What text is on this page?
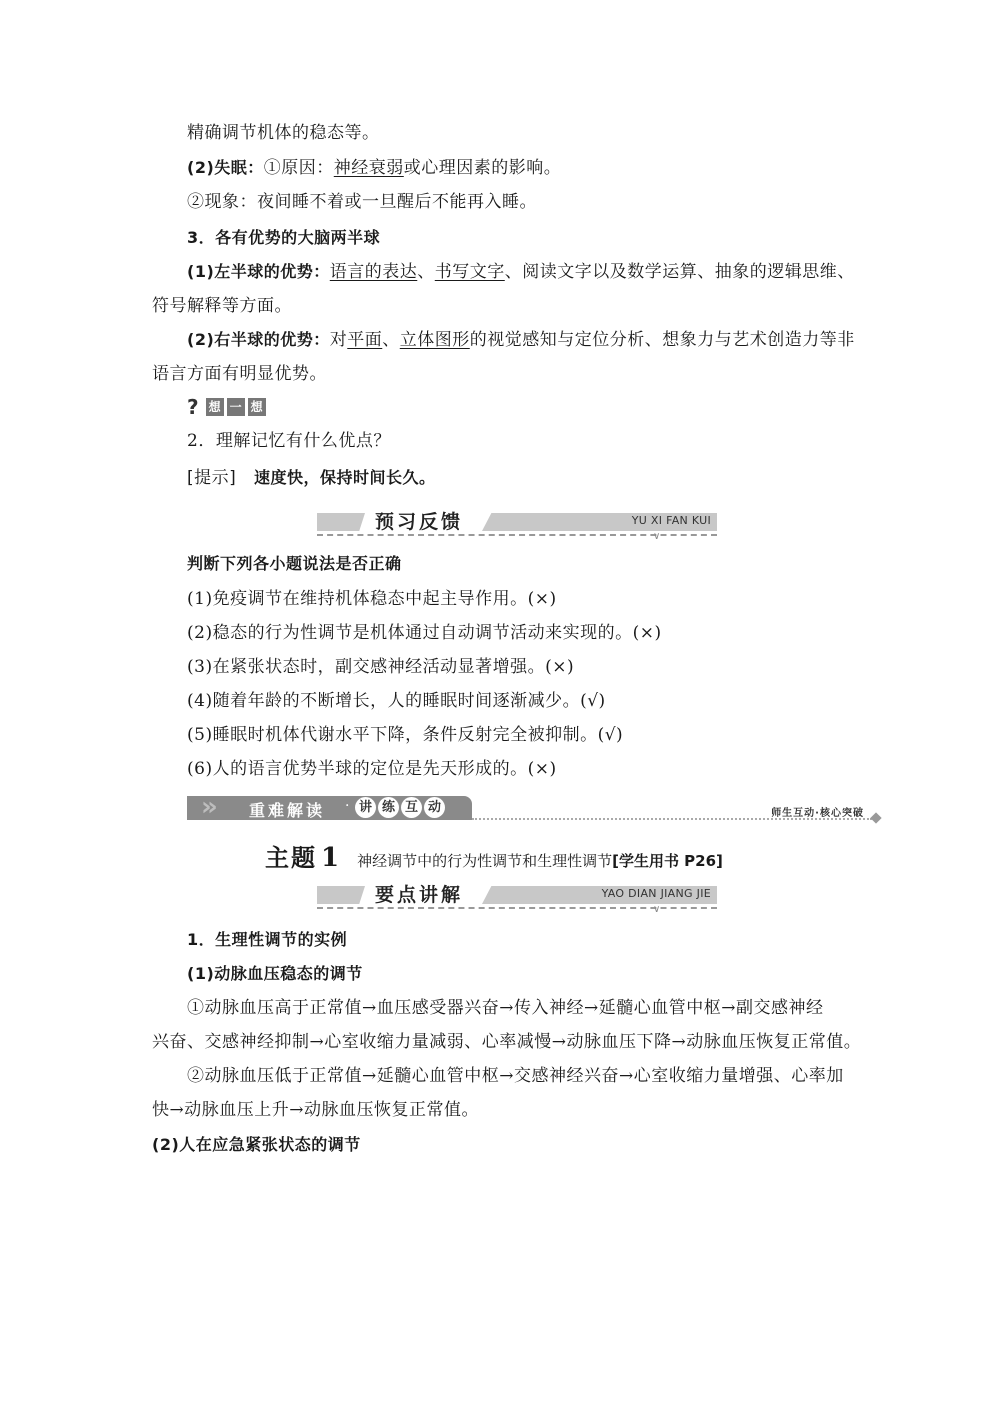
精确调节机体的稳态等。
(2)失眠：①原因：神经衰弱或心理因素的影响。
②现象：夜间睡不着或一旦醒后不能再入睡。
3．各有优势的大脑两半球
(1)左半球的优势：语言的表达、书写文字、阅读文字以及数学运算、抽象的逻辑思维、
符号解释等方面。
(2)右半球的优势：对平面、立体图形的视觉感知与定位分析、想象力与艺术创造力等非
语言方面有明显优势。
? 想 一 想
2．理解记忆有什么优点？
[提示] 速度快，保持时间长久。
预习反馈	YU XI FAN KUI
∨
判断下列各小题说法是否正确
(1)免疫调节在维持机体稳态中起主导作用。(×)
(2)稳态的行为性调节是机体通过自动调节活动来实现的。(×)
(3)在紧张状态时，副交感神经活动显著增强。(×)
(4)随着年龄的不断增长，人的睡眠时间逐渐减少。(√)
(5)睡眠时机体代谢水平下降，条件反射完全被抑制。(√)
(6)人的语言优势半球的定位是先天形成的。(×)
» 重难解读 · 讲 练 互 动	师生互动·核心突破
主题 1 神经调节中的行为性调节和生理性调节 [学生用书 P26]
要点讲解	YAO DIAN JIANG JIE
∨
1．生理性调节的实例
(1)动脉血压稳态的调节
①动脉血压高于正常值→血压感受器兴奋→传入神经→延髓心血管中枢→副交感神经
兴奋、交感神经抑制→心室收缩力量减弱、心率减慢→动脉血压下降→动脉血压恢复正常值。
②动脉血压低于正常值→延髓心血管中枢→交感神经兴奋→心室收缩力量增强、心率加
快→动脉血压上升→动脉血压恢复正常值。
(2)人在应急紧张状态的调节
